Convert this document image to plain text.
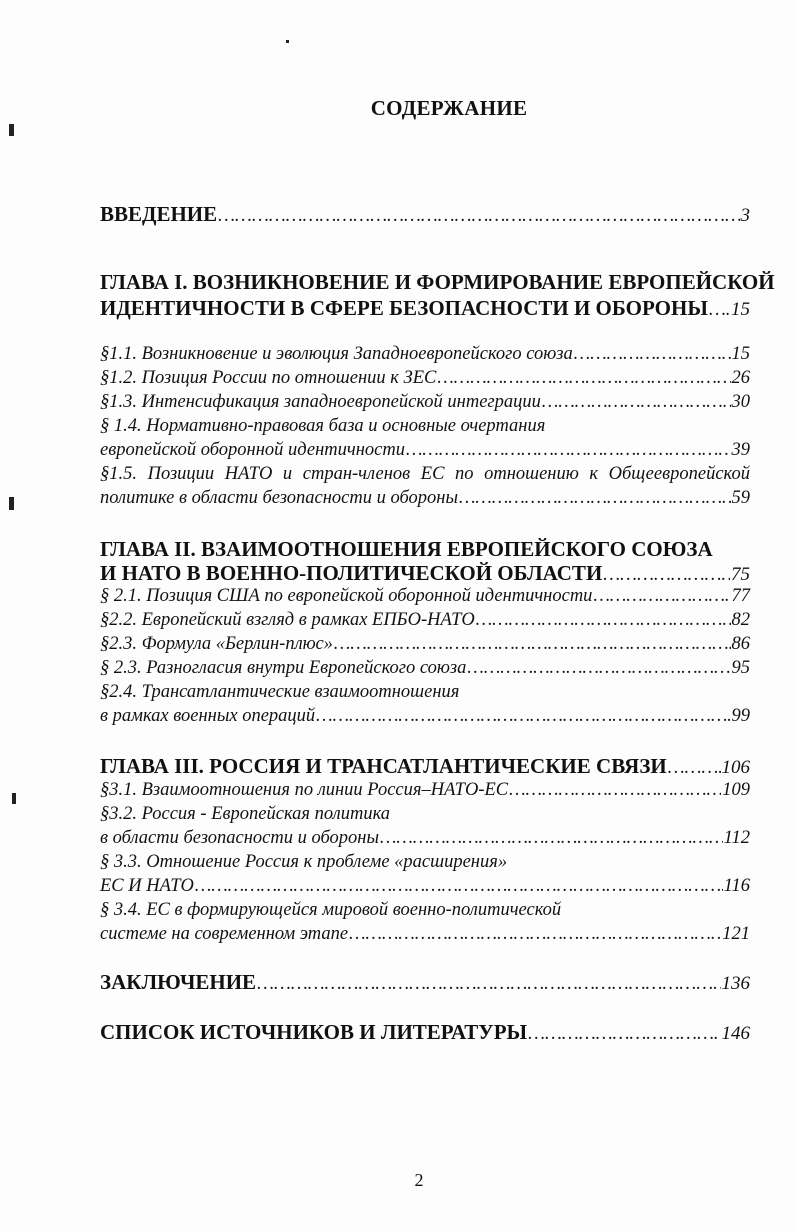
СОДЕРЖАНИЕ
ВВЕДЕНИЕ …………………………………………………………………………………………………………………………………………………………………………………………………	3
ГЛАВА I. ВОЗНИКНОВЕНИЕ И ФОРМИРОВАНИЕ ЕВРОПЕЙСКОЙ
ИДЕНТИЧНОСТИ В СФЕРЕ БЕЗОПАСНОСТИ И ОБОРОНЫ ………………………………………………………………………………………………………………………………………………………………………………………………… 15
§1.1. Возникновение и эволюция Западноевропейского союза …………………………………………………………………………………………………………………………………………………………………………………………………	15
§1.2. Позиция России по отношении к ЗЕС …………………………………………………………………………………………………………………………………………………………………………………………………	26
§1.3. Интенсификация западноевропейской интеграции …………………………………………………………………………………………………………………………………………………………………………………………………	30
§ 1.4. Нормативно-правовая база и основные очертания
европейской оборонной идентичности …………………………………………………………………………………………………………………………………………………………………………………………………	39
§1.5. Позиции НАТО и стран-членов ЕС по отношению к Общеевропейской
политике в области безопасности и обороны …………………………………………………………………………………………………………………………………………………………………………………………………	59
ГЛАВА II. ВЗАИМООТНОШЕНИЯ ЕВРОПЕЙСКОГО СОЮЗА
И НАТО В ВОЕННО-ПОЛИТИЧЕСКОЙ ОБЛАСТИ …………………………………………………………………………………………………………………………………………………………………………………………………	75
§ 2.1. Позиция США по европейской оборонной идентичности …………………………………………………………………………………………………………………………………………………………………………………………………	77
§2.2. Европейский взгляд в рамках ЕПБО-НАТО …………………………………………………………………………………………………………………………………………………………………………………………………	82
§2.3. Формула «Берлин-плюс» …………………………………………………………………………………………………………………………………………………………………………………………………	86
§ 2.3. Разногласия внутри Европейского союза …………………………………………………………………………………………………………………………………………………………………………………………………	95
§2.4. Трансатлантические взаимоотношения
в рамках военных операций …………………………………………………………………………………………………………………………………………………………………………………………………	99
ГЛАВА III. РОССИЯ И ТРАНСАТЛАНТИЧЕСКИЕ СВЯЗИ …………………………………………………………………………………………………………………………………………………………………………………………………	106
§3.1. Взаимоотношения по линии Россия–НАТО-ЕС …………………………………………………………………………………………………………………………………………………………………………………………………	109
§3.2. Россия - Европейская политика
в области безопасности и обороны …………………………………………………………………………………………………………………………………………………………………………………………………	112
§ 3.3. Отношение Россия к проблеме «расширения»
ЕС И НАТО …………………………………………………………………………………………………………………………………………………………………………………………………	116
§ 3.4. ЕС в формирующейся мировой военно-политической
системе на современном этапе …………………………………………………………………………………………………………………………………………………………………………………………………	121
ЗАКЛЮЧЕНИЕ …………………………………………………………………………………………………………………………………………………………………………………………………	136
СПИСОК ИСТОЧНИКОВ И ЛИТЕРАТУРЫ …………………………………………………………………………………………………………………………………………………………………………………………………	146
2
